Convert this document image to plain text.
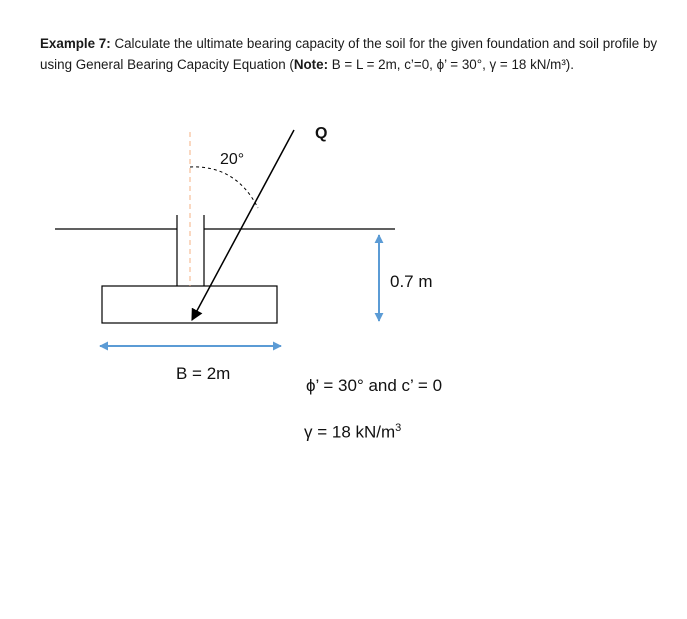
Example 7: Calculate the ultimate bearing capacity of the soil for the given foundation and soil profile by using General Bearing Capacity Equation (Note: B = L = 2m, c’=0, ϕ’ = 30°, γ = 18 kN/m³).
Q
20°
0.7 m
B = 2m
ϕ’ = 30° and c’ = 0
γ = 18 $kN/m^3$
